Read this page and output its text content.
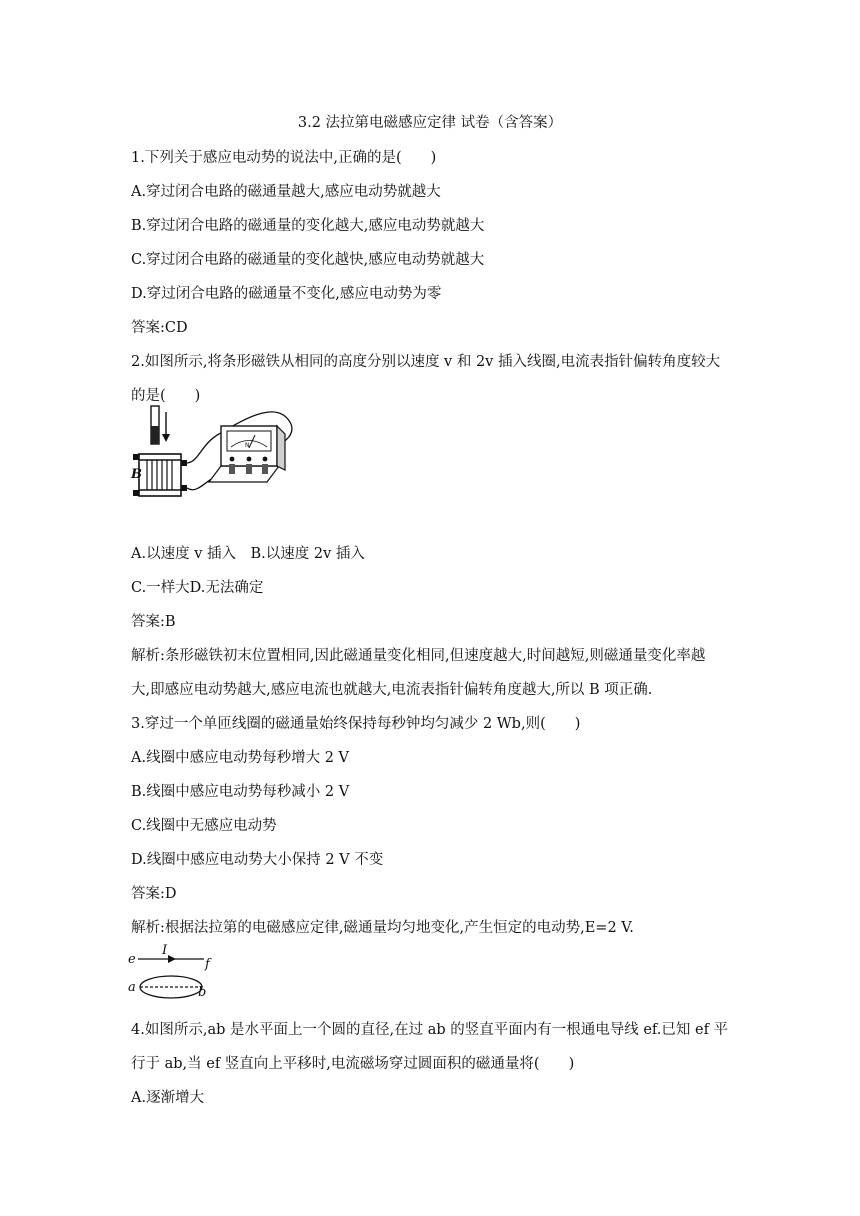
3.2 法拉第电磁感应定律 试卷（含答案）
1.下列关于感应电动势的说法中,正确的是(　　)
A.穿过闭合电路的磁通量越大,感应电动势就越大
B.穿过闭合电路的磁通量的变化越大,感应电动势就越大
C.穿过闭合电路的磁通量的变化越快,感应电动势就越大
D.穿过闭合电路的磁通量不变化,感应电动势为零
答案:CD
2.如图所示,将条形磁铁从相同的高度分别以速度 v 和 2v 插入线圈,电流表指针偏转角度较大
的是(　　)
B
N
A.以速度 v 插入　B.以速度 2v 插入
C.一样大D.无法确定
答案:B
解析:条形磁铁初末位置相同,因此磁通量变化相同,但速度越大,时间越短,则磁通量变化率越
大,即感应电动势越大,感应电流也就越大,电流表指针偏转角度越大,所以 B 项正确.
3.穿过一个单匝线圈的磁通量始终保持每秒钟均匀减少 2 Wb,则(　　)
A.线圈中感应电动势每秒增大 2 V
B.线圈中感应电动势每秒减小 2 V
C.线圈中无感应电动势
D.线圈中感应电动势大小保持 2 V 不变
答案:D
解析:根据法拉第的电磁感应定律,磁通量均匀地变化,产生恒定的电动势,E=2 V.
e
I
f
a	b
4.如图所示,ab 是水平面上一个圆的直径,在过 ab 的竖直平面内有一根通电导线 ef.已知 ef 平
行于 ab,当 ef 竖直向上平移时,电流磁场穿过圆面积的磁通量将(　　)
A.逐渐增大
